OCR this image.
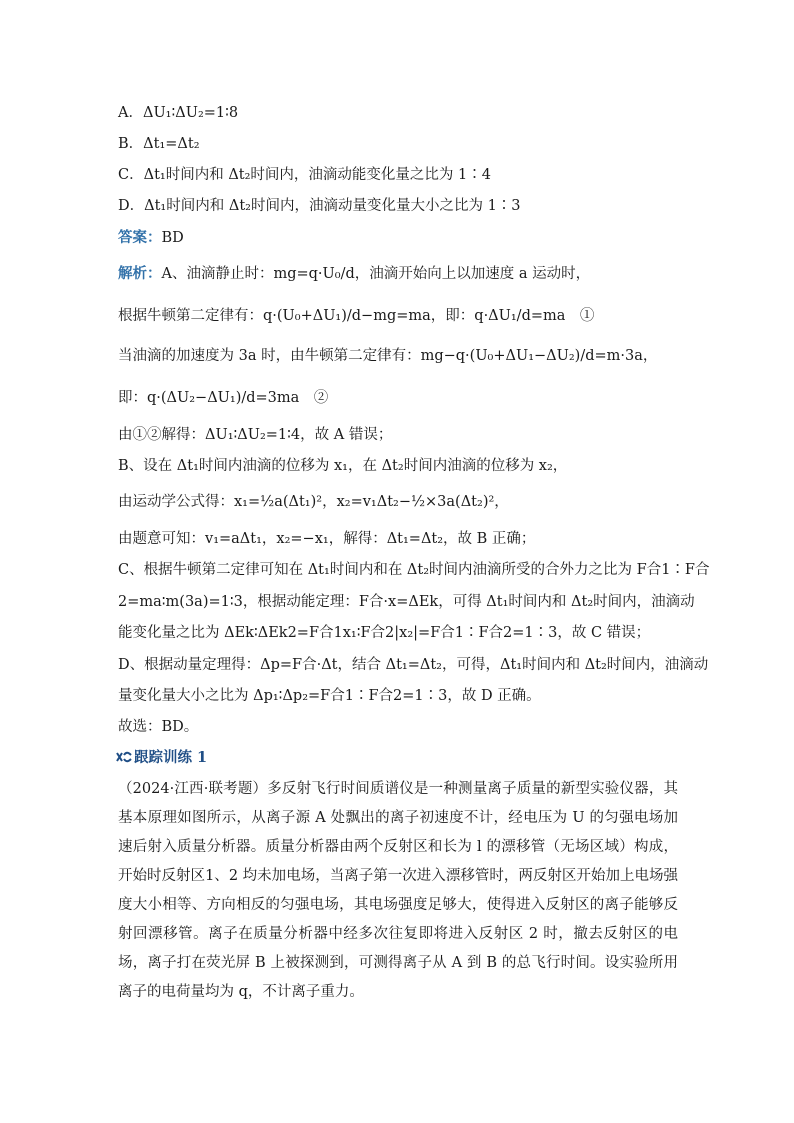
A．ΔU₁∶ΔU₂=1∶8
B．Δt₁=Δt₂
C．Δt₁时间内和 Δt₂时间内，油滴动能变化量之比为 1∶4
D．Δt₁时间内和 Δt₂时间内，油滴动量变化量大小之比为 1∶3
答案：BD
解析：A、油滴静止时：mg=q·U₀/d，油滴开始向上以加速度 a 运动时，
根据牛顿第二定律有：q·(U₀+ΔU₁)/d−mg=ma，即：q·ΔU₁/d=ma　①
当油滴的加速度为 3a 时，由牛顿第二定律有：mg−q·(U₀+ΔU₁−ΔU₂)/d=m·3a，
即：q·(ΔU₂−ΔU₁)/d=3ma　②
由①②解得：ΔU₁∶ΔU₂=1∶4，故 A 错误；
B、设在 Δt₁时间内油滴的位移为 x₁，在 Δt₂时间内油滴的位移为 x₂，
由运动学公式得：x₁=½a(Δt₁)²，x₂=v₁Δt₂−½×3a(Δt₂)²，
由题意可知：v₁=aΔt₁，x₂=−x₁，解得：Δt₁=Δt₂，故 B 正确；
C、根据牛顿第二定律可知在 Δt₁时间内和在 Δt₂时间内油滴所受的合外力之比为 F合1∶F合
2=ma∶m(3a)=1∶3，根据动能定理：F合·x=ΔEk，可得 Δt₁时间内和 Δt₂时间内，油滴动
能变化量之比为 ΔEk∶ΔEk2=F合1x₁∶F合2|x₂|=F合1∶F合2=1∶3，故 C 错误；
D、根据动量定理得：Δp=F合·Δt，结合 Δt₁=Δt₂，可得，Δt₁时间内和 Δt₂时间内，油滴动
量变化量大小之比为 Δp₁∶Δp₂=F合1∶F合2=1∶3，故 D 正确。
故选：BD。
跟踪训练 1
（2024·江西·联考题）多反射飞行时间质谱仪是一种测量离子质量的新型实验仪器，其基本原理如图所示，从离子源 A 处飘出的离子初速度不计，经电压为 U 的匀强电场加速后射入质量分析器。质量分析器由两个反射区和长为 l 的漂移管（无场区域）构成，开始时反射区1、2 均未加电场，当离子第一次进入漂移管时，两反射区开始加上电场强度大小相等、方向相反的匀强电场，其电场强度足够大，使得进入反射区的离子能够反射回漂移管。离子在质量分析器中经多次往复即将进入反射区 2 时，撤去反射区的电场，离子打在荧光屏 B 上被探测到，可测得离子从 A 到 B 的总飞行时间。设实验所用离子的电荷量均为 q，不计离子重力。
